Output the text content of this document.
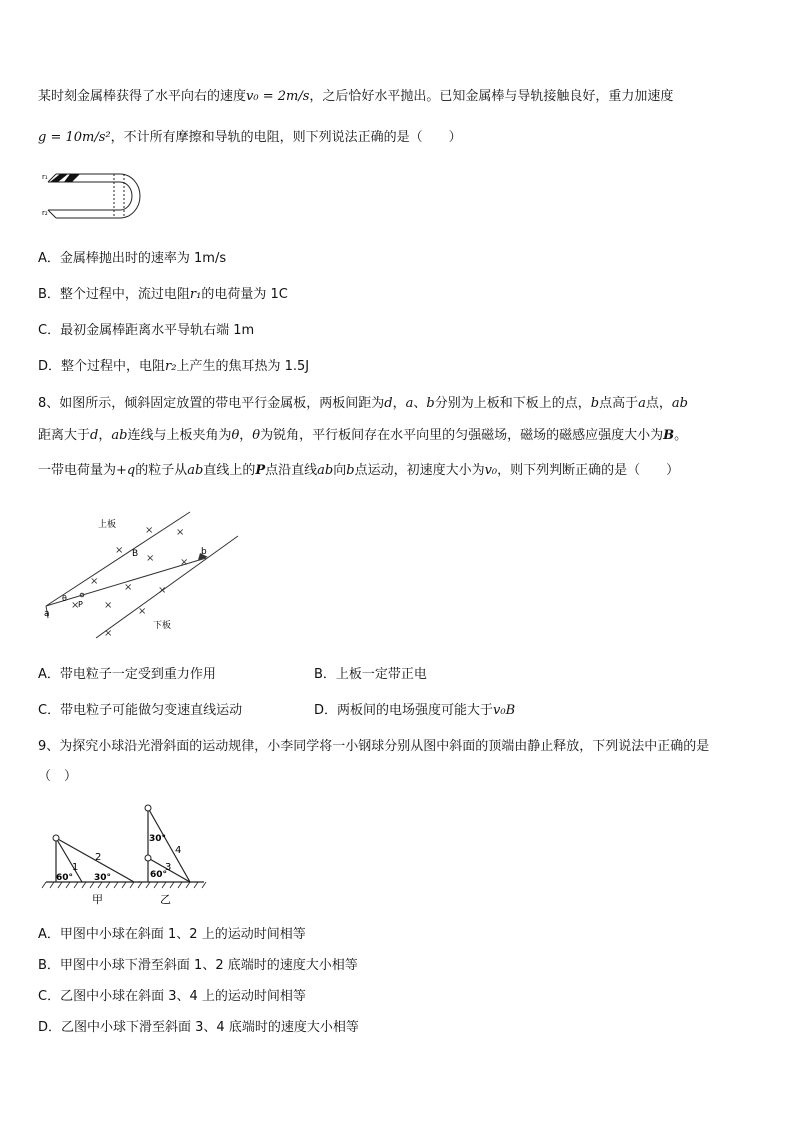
某时刻金属棒获得了水平向右的速度v₀ = 2m/s，之后恰好水平抛出。已知金属棒与导轨接触良好，重力加速度
g = 10m/s²，不计所有摩擦和导轨的电阻，则下列说法正确的是（　　）
r₁
r₂
A．金属棒抛出时的速率为 1m/s
B．整个过程中，流过电阻r₁的电荷量为 1C
C．最初金属棒距离水平导轨右端 1m
D．整个过程中，电阻r₂上产生的焦耳热为 1.5J
8、如图所示，倾斜固定放置的带电平行金属板，两板间距为d，a、b分别为上板和下板上的点，b点高于a点，ab
距离大于d，ab连线与上板夹角为θ，θ为锐角，平行板间存在水平向里的匀强磁场，磁场的磁感应强度大小为B。
一带电荷量为+q的粒子从ab直线上的P点沿直线ab向b点运动，初速度大小为v₀，则下列判断正确的是（　　）
上板
下板
B
a
b
P
θ
× ×
×
×	×
×
×	×
× ×
×
×
A．带电粒子一定受到重力作用	B．上板一定带正电
C．带电粒子可能做匀变速直线运动	D．两板间的电场强度可能大于v₀B
9、为探究小球沿光滑斜面的运动规律，小李同学将一小钢球分别从图中斜面的顶端由静止释放，下列说法中正确的是
（　）
1
2
3
4
60° 30°
30°
60°
甲	乙
A．甲图中小球在斜面 1、2 上的运动时间相等
B．甲图中小球下滑至斜面 1、2 底端时的速度大小相等
C．乙图中小球在斜面 3、4 上的运动时间相等
D．乙图中小球下滑至斜面 3、4 底端时的速度大小相等
